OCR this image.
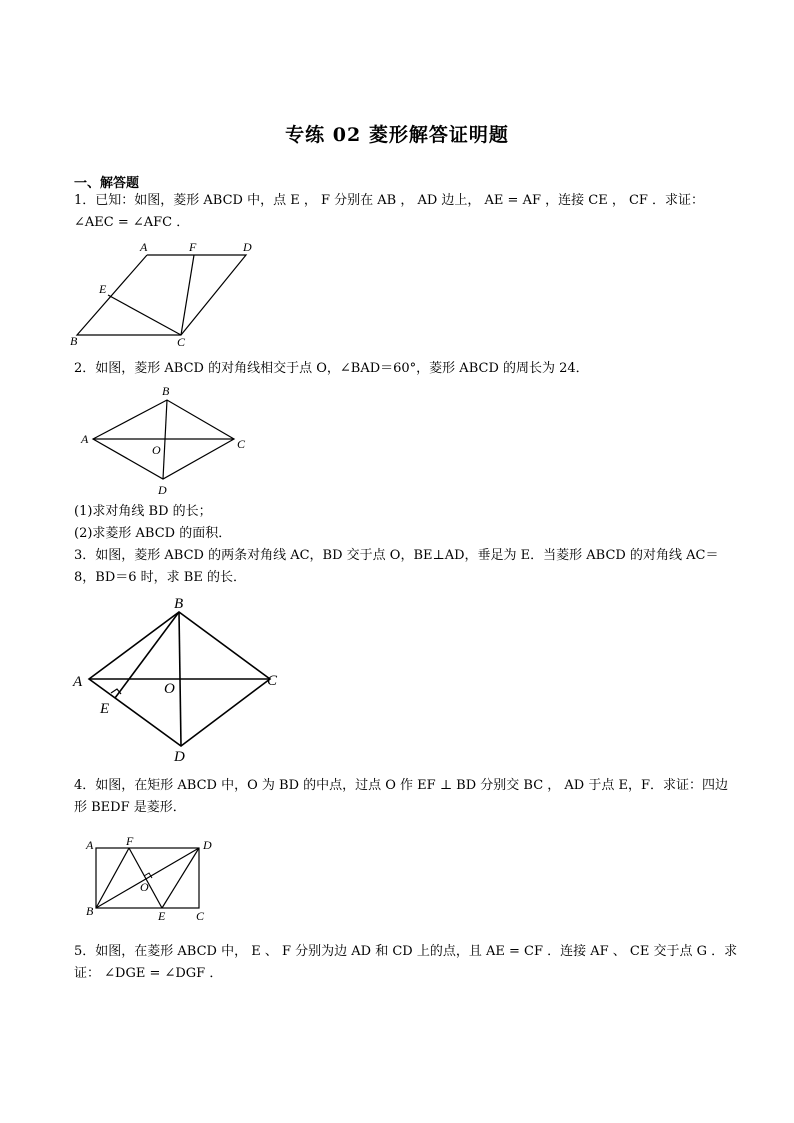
专练 02 菱形解答证明题
一、解答题
1．已知：如图，菱形 ABCD 中，点 E ， F 分别在 AB ， AD 边上， AE = AF ，连接 CE ， CF ．求证：
∠AEC = ∠AFC ．
A	F	D
E
B	C
2．如图，菱形 ABCD 的对角线相交于点 O，∠BAD＝60°，菱形 ABCD 的周长为 24．
B
A	C
O
D
(1)求对角线 BD 的长；
(2)求菱形 ABCD 的面积．
3．如图，菱形 ABCD 的两条对角线 AC，BD 交于点 O，BE⊥AD，垂足为 E．当菱形 ABCD 的对角线 AC＝
8，BD＝6 时，求 BE 的长．
B
A	O	C
E
D
4．如图，在矩形 ABCD 中，O 为 BD 的中点，过点 O 作 EF ⊥ BD 分别交 BC ， AD 于点 E，F．求证：四边
形 BEDF 是菱形．
A	F	D
O
B	E	C
5．如图，在菱形 ABCD 中， E 、 F 分别为边 AD 和 CD 上的点，且 AE = CF ．连接 AF 、 CE 交于点 G ．求
证： ∠DGE = ∠DGF ．
